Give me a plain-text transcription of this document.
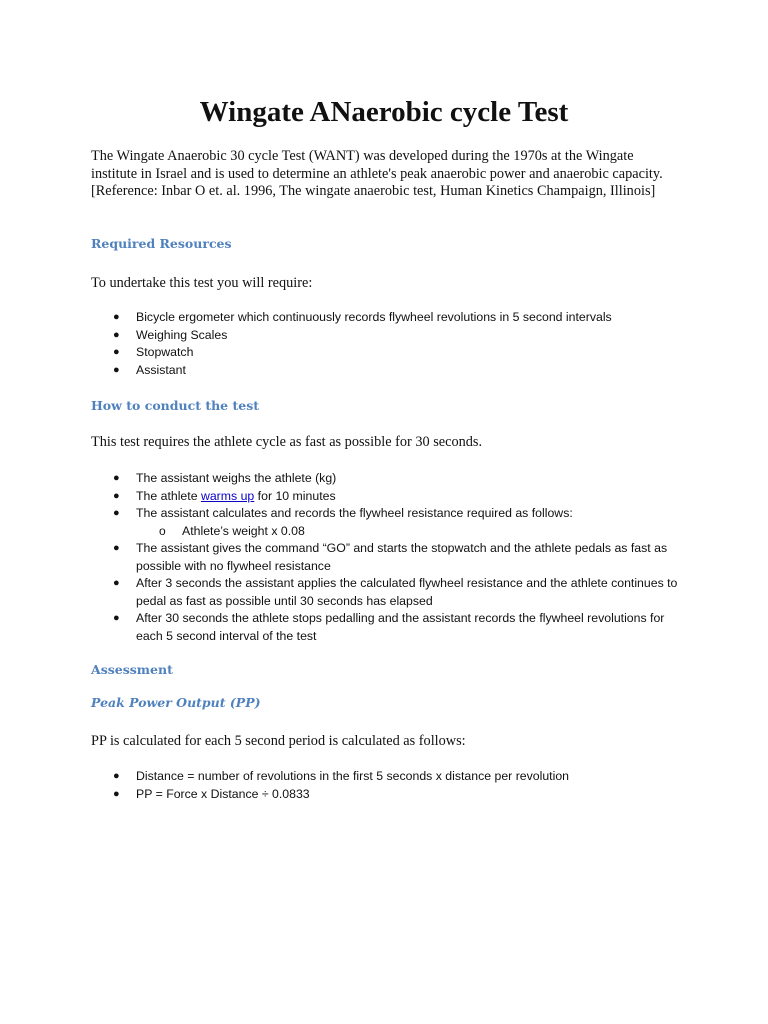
Wingate ANaerobic cycle Test

The Wingate Anaerobic 30 cycle Test (WANT) was developed during the 1970s at the Wingate institute in Israel and is used to determine an athlete's peak anaerobic power and anaerobic capacity. [Reference: Inbar O et. al. 1996, The wingate anaerobic test, Human Kinetics Champaign, Illinois]

Required Resources

To undertake this test you will require:

● Bicycle ergometer which continuously records flywheel revolutions in 5 second intervals
● Weighing Scales
● Stopwatch
● Assistant
How to conduct the test

This test requires the athlete cycle as fast as possible for 30 seconds.

● The assistant weighs the athlete (kg)
● The athlete warms up for 10 minutes
● The assistant calculates and records the flywheel resistance required as follows:
o Athlete’s weight x 0.08
● The assistant gives the command “GO” and starts the stopwatch and the athlete pedals as fast as possible with no flywheel resistance
● After 3 seconds the assistant applies the calculated flywheel resistance and the athlete continues to pedal as fast as possible until 30 seconds has elapsed
● After 30 seconds the athlete stops pedalling and the assistant records the flywheel revolutions for each 5 second interval of the test
Assessment
Peak Power Output (PP)

PP is calculated for each 5 second period is calculated as follows:

● Distance = number of revolutions in the first 5 seconds x distance per revolution
● PP = Force x Distance ÷ 0.0833
